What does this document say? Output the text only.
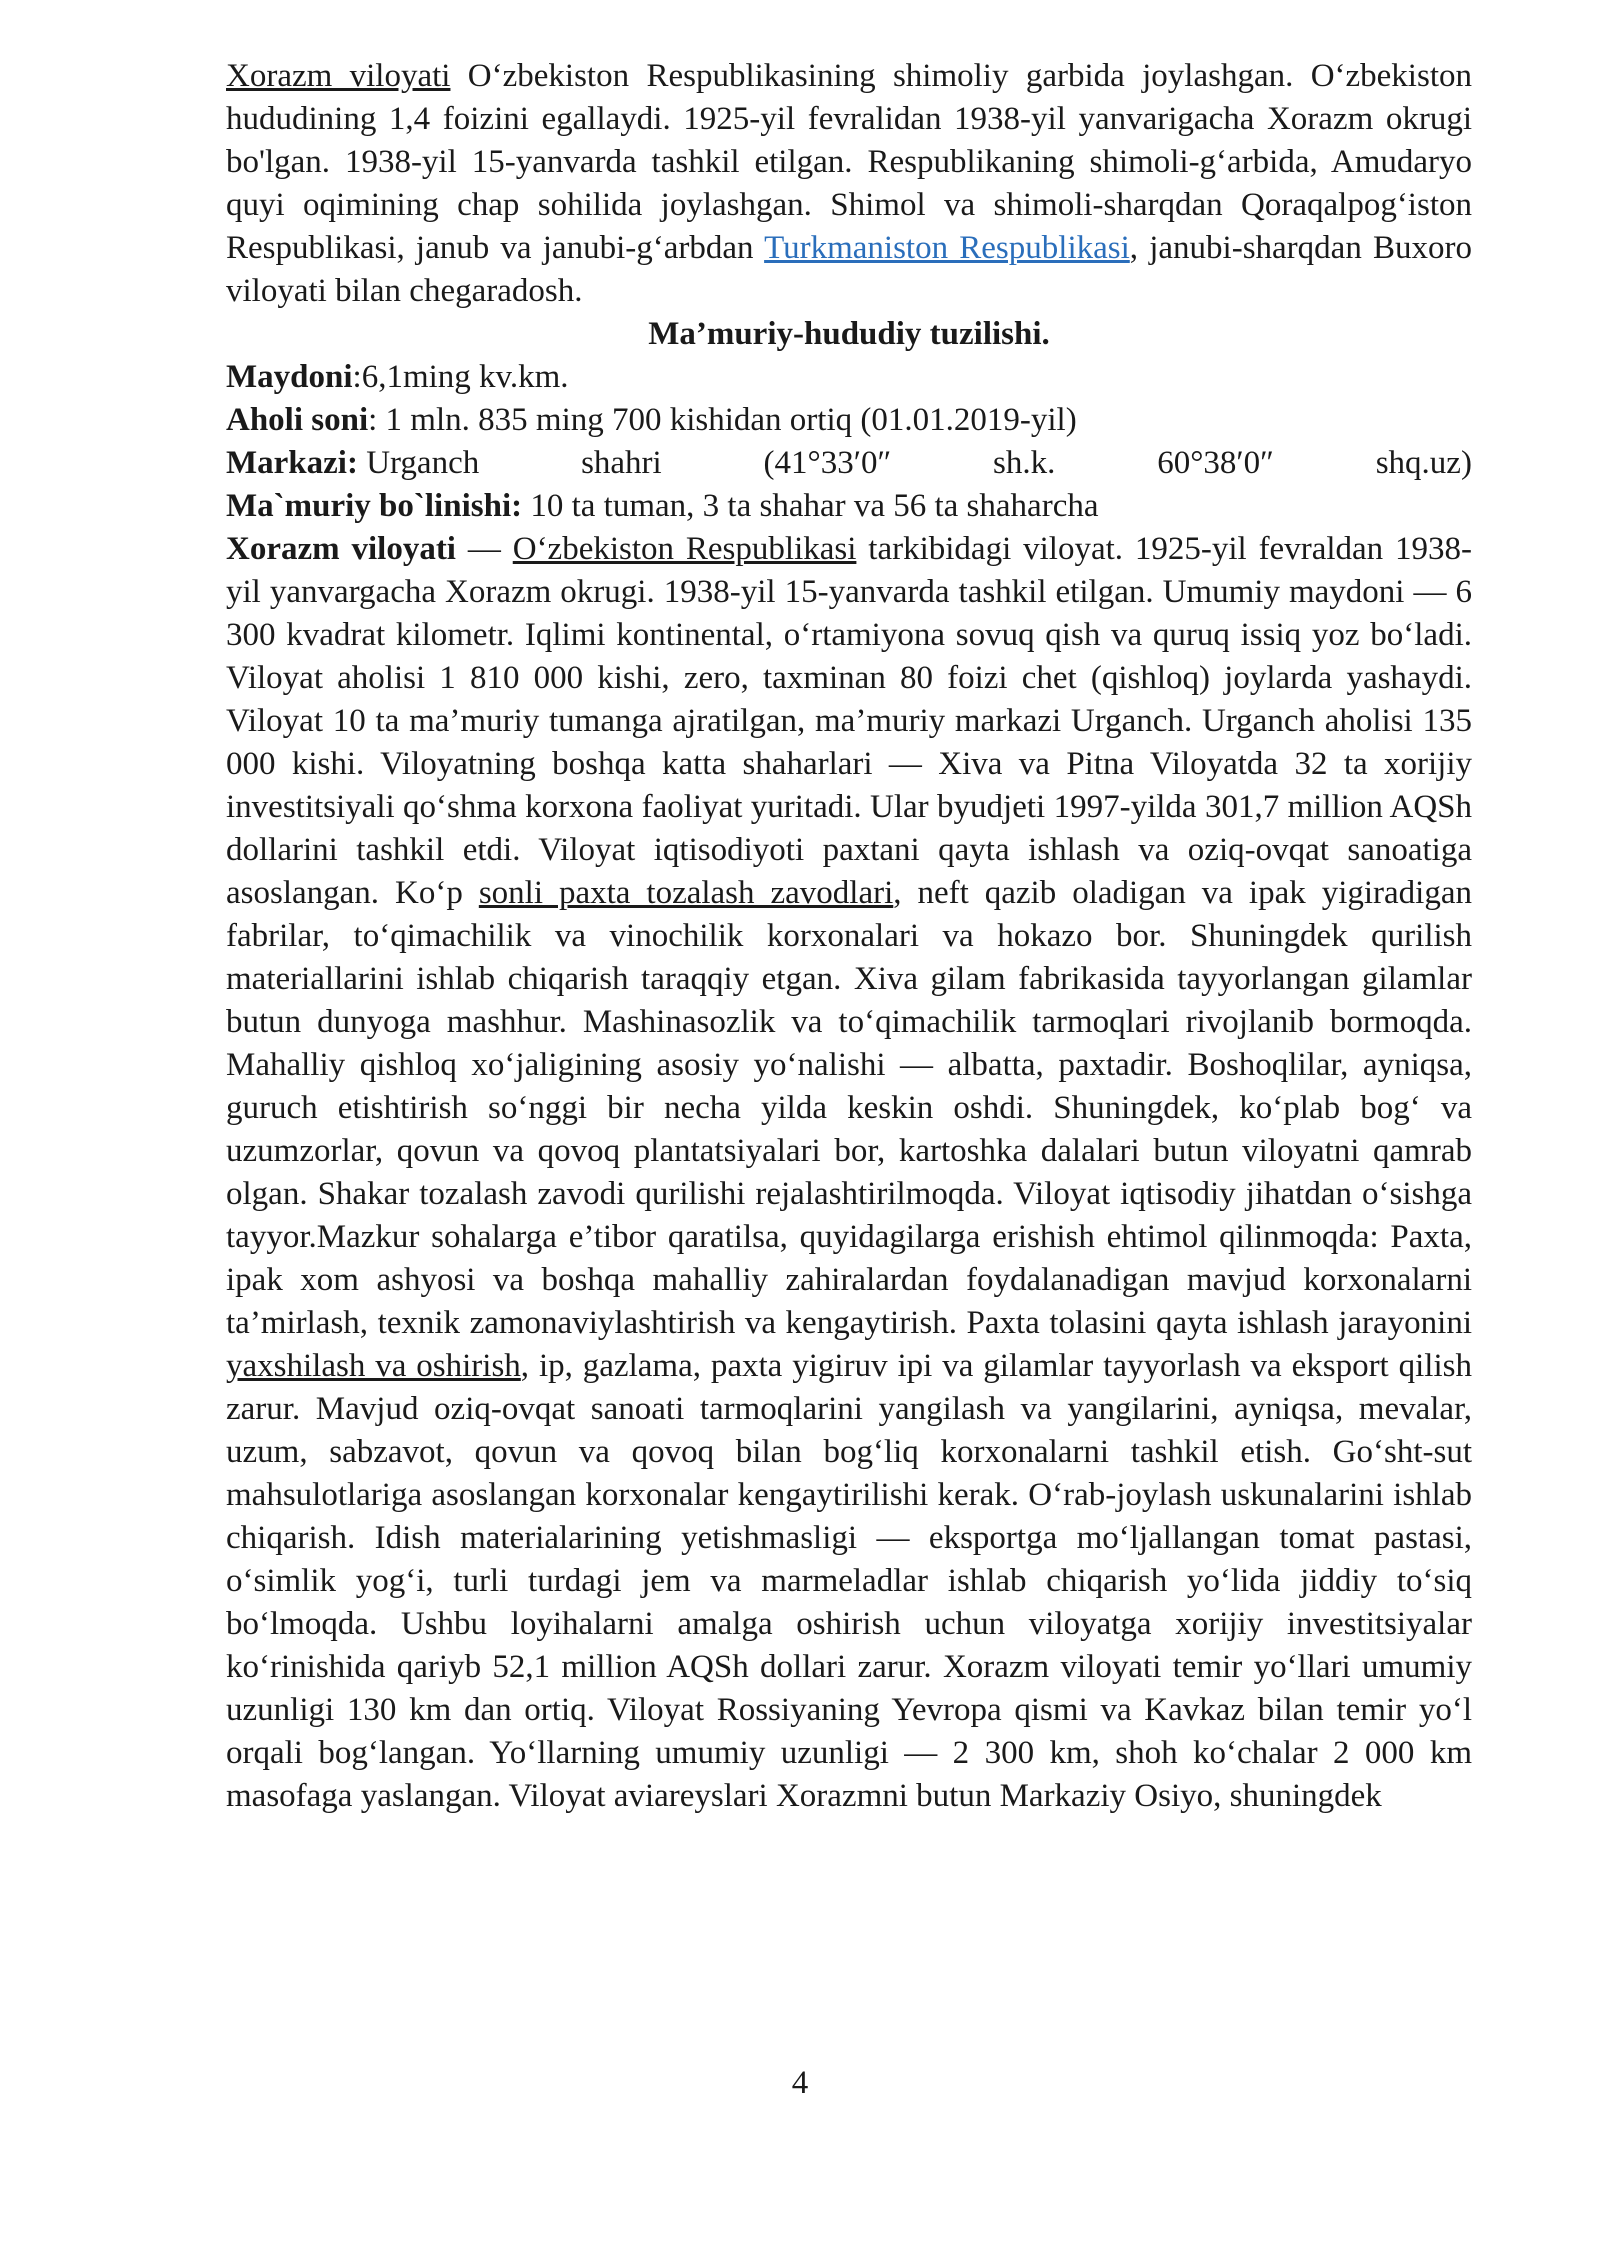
Xorazm viloyati O‘zbekiston Respublikasining shimoliy garbida joylashgan. O‘zbekiston hududining 1,4 foizini egallaydi. 1925-yil fevralidan 1938-yil yanvarigacha Xorazm okrugi bo'lgan. 1938-yil 15-yanvarda tashkil etilgan. Respublikaning shimoli-g‘arbida, Amudaryo quyi oqimining chap sohilida joylashgan. Shimol va shimoli-sharqdan Qoraqalpog‘iston Respublikasi, janub va janubi-g‘arbdan Turkmaniston Respublikasi, janubi-sharqdan Buxoro viloyati bilan chegaradosh.

Ma’muriy-hududiy tuzilishi.

Maydoni:6,1ming kv.km.

Aholi soni: 1 mln. 835 ming 700 kishidan ortiq (01.01.2019-yil)

Markazi: Urganch	shahri	(41°33′0″	sh.k.	60°38′0″	shq.uz)

Ma`muriy bo`linishi: 10 ta tuman, 3 ta shahar va 56 ta shaharcha

Xorazm viloyati — O‘zbekiston Respublikasi tarkibidagi viloyat. 1925-yil fevraldan 1938-yil yanvargacha Xorazm okrugi. 1938-yil 15-yanvarda tashkil etilgan. Umumiy maydoni — 6 300 kvadrat kilometr. Iqlimi kontinental, o‘rtamiyona sovuq qish va quruq issiq yoz bo‘ladi. Viloyat aholisi 1 810 000 kishi, zero, taxminan 80 foizi chet (qishloq) joylarda yashaydi. Viloyat 10 ta ma’muriy tumanga ajratilgan, ma’muriy markazi Urganch. Urganch aholisi 135 000 kishi. Viloyatning boshqa katta shaharlari — Xiva va Pitna Viloyatda 32 ta xorijiy investitsiyali qo‘shma korxona faoliyat yuritadi. Ular byudjeti 1997-yilda 301,7 million AQSh dollarini tashkil etdi. Viloyat iqtisodiyoti paxtani qayta ishlash va oziq-ovqat sanoatiga asoslangan. Ko‘p sonli paxta tozalash zavodlari, neft qazib oladigan va ipak yigiradigan fabrilar, to‘qimachilik va vinochilik korxonalari va hokazo bor. Shuningdek qurilish materiallarini ishlab chiqarish taraqqiy etgan. Xiva gilam fabrikasida tayyorlangan gilamlar butun dunyoga mashhur. Mashinasozlik va to‘qimachilik tarmoqlari rivojlanib bormoqda. Mahalliy qishloq xo‘jaligining asosiy yo‘nalishi — albatta, paxtadir. Boshoqlilar, ayniqsa, guruch etishtirish so‘nggi bir necha yilda keskin oshdi. Shuningdek, ko‘plab bog‘ va uzumzorlar, qovun va qovoq plantatsiyalari bor, kartoshka dalalari butun viloyatni qamrab olgan. Shakar tozalash zavodi qurilishi rejalashtirilmoqda. Viloyat iqtisodiy jihatdan o‘sishga tayyor.Mazkur sohalarga e’tibor qaratilsa, quyidagilarga erishish ehtimol qilinmoqda: Paxta, ipak xom ashyosi va boshqa mahalliy zahiralardan foydalanadigan mavjud korxonalarni ta’mirlash, texnik zamonaviylashtirish va kengaytirish. Paxta tolasini qayta ishlash jarayonini yaxshilash va oshirish, ip, gazlama, paxta yigiruv ipi va gilamlar tayyorlash va eksport qilish zarur. Mavjud oziq-ovqat sanoati tarmoqlarini yangilash va yangilarini, ayniqsa, mevalar, uzum, sabzavot, qovun va qovoq bilan bog‘liq korxonalarni tashkil etish. Go‘sht-sut mahsulotlariga asoslangan korxonalar kengaytirilishi kerak. O‘rab-joylash uskunalarini ishlab chiqarish. Idish materialarining yetishmasligi — eksportga mo‘ljallangan tomat pastasi, o‘simlik yog‘i, turli turdagi jem va marmeladlar ishlab chiqarish yo‘lida jiddiy to‘siq bo‘lmoqda. Ushbu loyihalarni amalga oshirish uchun viloyatga xorijiy investitsiyalar ko‘rinishida qariyb 52,1 million AQSh dollari zarur. Xorazm viloyati temir yo‘llari umumiy uzunligi 130 km dan ortiq. Viloyat Rossiyaning Yevropa qismi va Kavkaz bilan temir yo‘l orqali bog‘langan. Yo‘llarning umumiy uzunligi — 2 300 km, shoh ko‘chalar 2 000 km masofaga yaslangan. Viloyat aviareyslari Xorazmni butun Markaziy Osiyo, shuningdek

4
